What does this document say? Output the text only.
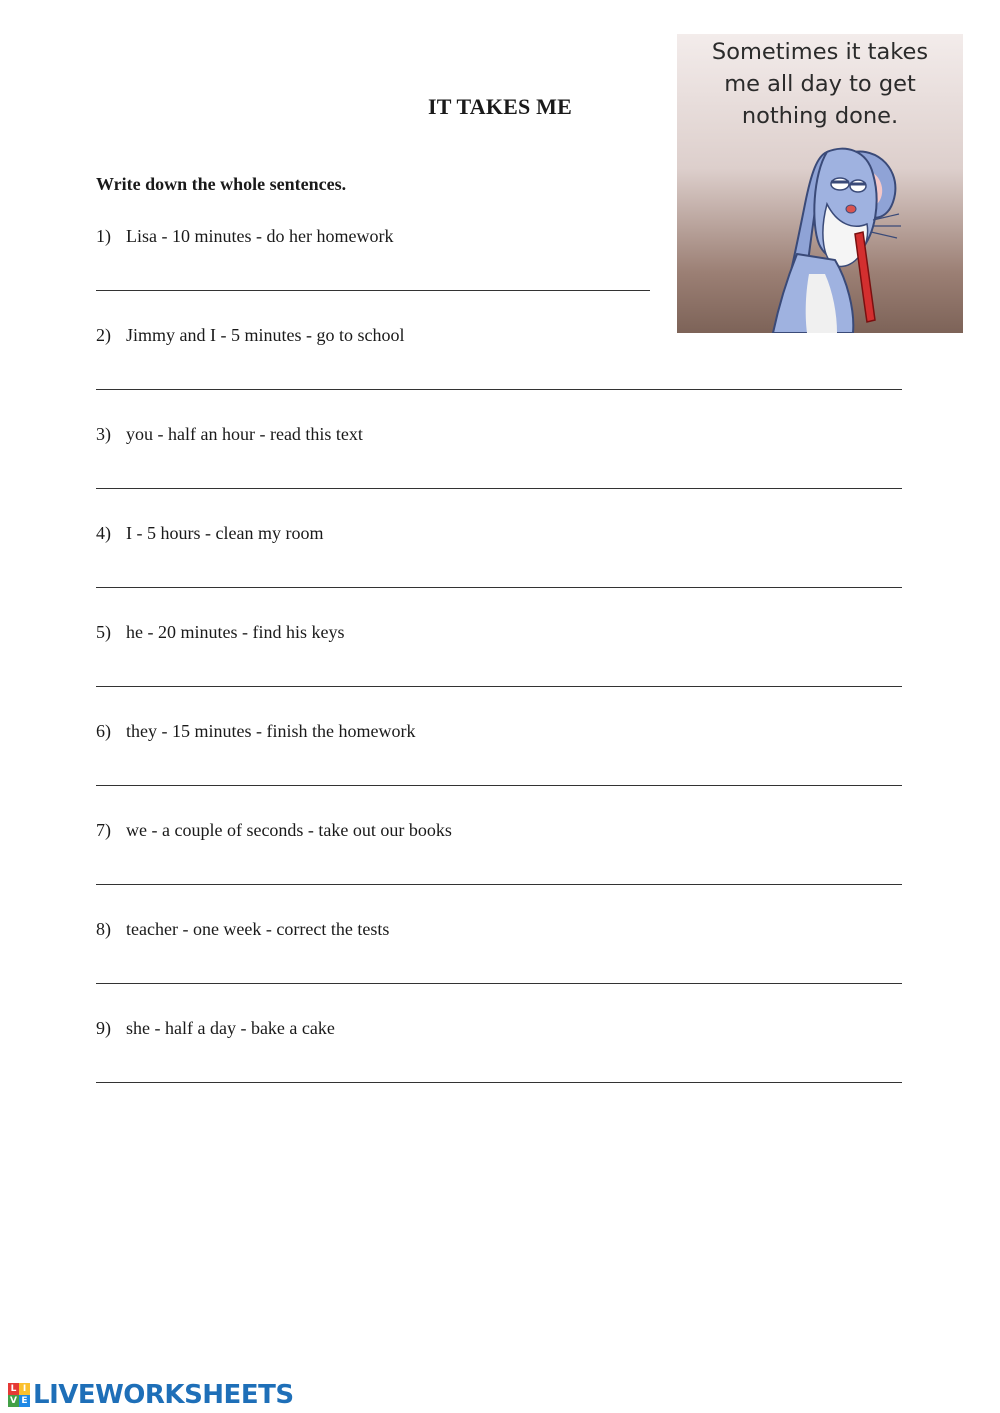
IT TAKES ME
Write down the whole sentences.
1) Lisa - 10 minutes - do her homework
2) Jimmy and I - 5 minutes - go to school
3) you - half an hour - read this text
4) I - 5 hours - clean my room
5) he - 20 minutes - find his keys
6) they - 15 minutes - finish the homework
7) we - a couple of seconds - take out our books
8) teacher - one week - correct the tests
9) she - half a day - bake a cake
Sometimes it takes
me all day to get
nothing done.
L I
V E LIVEWORKSHEETS
